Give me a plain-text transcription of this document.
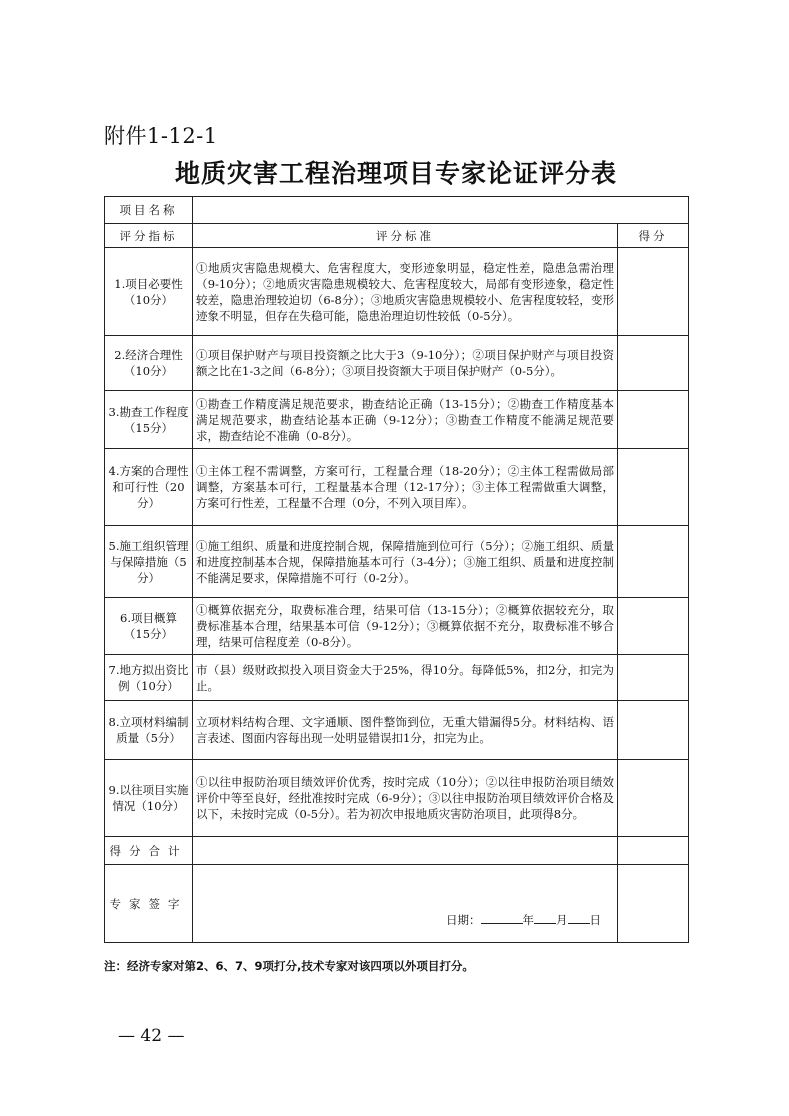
附件1-12-1
地质灾害工程治理项目专家论证评分表
项目名称		
评分指标	评分标准	得分
1.项目必要性（10分）	①地质灾害隐患规模大、危害程度大，变形迹象明显，稳定性差，隐患急需治理（9-10分）；②地质灾害隐患规模较大、危害程度较大，局部有变形迹象，稳定性较差，隐患治理较迫切（6-8分）；③地质灾害隐患规模较小、危害程度较轻，变形迹象不明显，但存在失稳可能，隐患治理迫切性较低（0-5分）。	
2.经济合理性（10分）	①项目保护财产与项目投资额之比大于3（9-10分）；②项目保护财产与项目投资额之比在1-3之间（6-8分）；③项目投资额大于项目保护财产（0-5分）。	
3.勘查工作程度（15分）	①勘查工作精度满足规范要求，勘查结论正确（13-15分）；②勘查工作精度基本满足规范要求，勘查结论基本正确（9-12分）；③勘查工作精度不能满足规范要求，勘查结论不准确（0-8分）。	
4.方案的合理性和可行性（20分）	①主体工程不需调整，方案可行，工程量合理（18-20分）；②主体工程需做局部调整，方案基本可行，工程量基本合理（12-17分）；③主体工程需做重大调整，方案可行性差，工程量不合理（0分，不列入项目库）。	
5.施工组织管理与保障措施（5分）	①施工组织、质量和进度控制合规，保障措施到位可行（5分）；②施工组织、质量和进度控制基本合规，保障措施基本可行（3-4分）；③施工组织、质量和进度控制不能满足要求，保障措施不可行（0-2分）。	
6.项目概算（15分）	①概算依据充分，取费标准合理，结果可信（13-15分）；②概算依据较充分，取费标准基本合理，结果基本可信（9-12分）；③概算依据不充分，取费标准不够合理，结果可信程度差（0-8分）。	
7.地方拟出资比例（10分）	市（县）级财政拟投入项目资金大于25%，得10分。每降低5%，扣2分，扣完为止。	
8.立项材料编制质量（5分）	立项材料结构合理、文字通顺、图件整饰到位，无重大错漏得5分。材料结构、语言表述、图面内容每出现一处明显错误扣1分，扣完为止。	
9.以往项目实施情况（10分）	①以往申报防治项目绩效评价优秀，按时完成（10分）；②以往申报防治项目绩效评价中等至良好，经批准按时完成（6-9分）；③以往申报防治项目绩效评价合格及以下，未按时完成（0-5分）。若为初次申报地质灾害防治项目，此项得8分。	
得分合计		
专家签字	日期： 年 月 日	

注：经济专家对第2、6、7、9项打分,技术专家对该四项以外项目打分。
— 42 —
